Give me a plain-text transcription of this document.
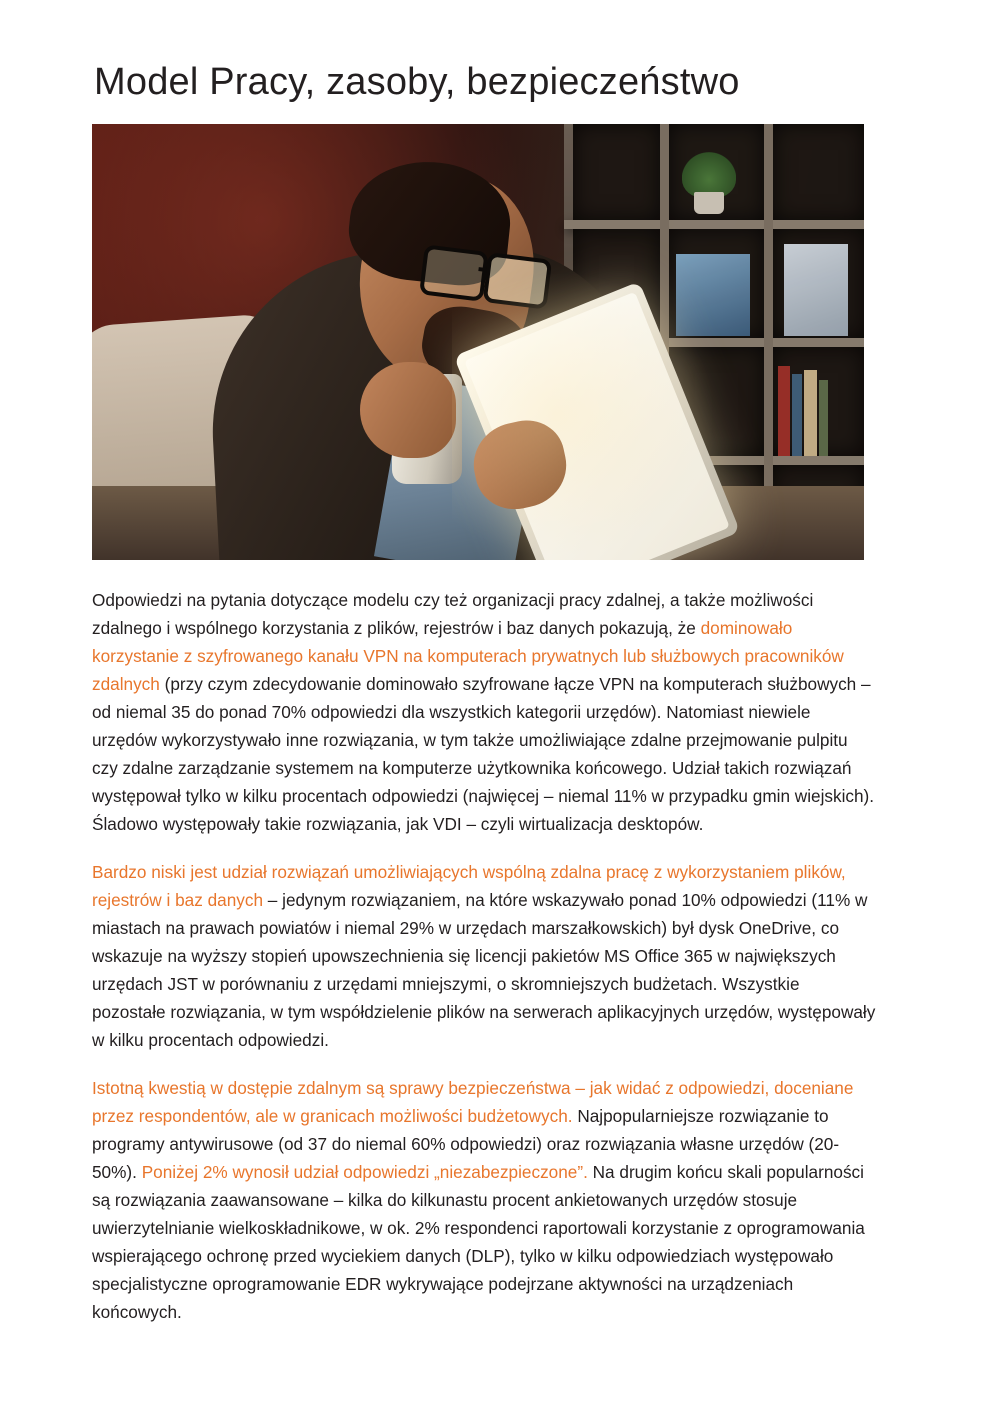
Model Pracy, zasoby, bezpieczeństwo

Odpowiedzi na pytania dotyczące modelu czy też organizacji pracy zdalnej, a także możliwości zdalnego i wspólnego korzystania z plików, rejestrów i baz danych pokazują, że dominowało korzystanie z szyfrowanego kanału VPN na komputerach prywatnych lub służbowych pracowników zdalnych (przy czym zdecydowanie dominowało szyfrowane łącze VPN na komputerach służbowych – od niemal 35 do ponad 70% odpowiedzi dla wszystkich kategorii urzędów). Natomiast niewiele urzędów wykorzystywało inne rozwiązania, w tym także umożliwiające zdalne przejmowanie pulpitu czy zdalne zarządzanie systemem na komputerze użytkownika końcowego. Udział takich rozwiązań występował tylko w kilku procentach odpowiedzi (najwięcej – niemal 11% w przypadku gmin wiejskich). Śladowo występowały takie rozwiązania, jak VDI – czyli wirtualizacja desktopów.

Bardzo niski jest udział rozwiązań umożliwiających wspólną zdalna pracę z wykorzystaniem plików, rejestrów i baz danych – jedynym rozwiązaniem, na które wskazywało ponad 10% odpowiedzi (11% w miastach na prawach powiatów i niemal 29% w urzędach marszałkowskich) był dysk OneDrive, co wskazuje na wyższy stopień upowszechnienia się licencji pakietów MS Office 365 w największych urzędach JST w porównaniu z urzędami mniejszymi, o skromniejszych budżetach. Wszystkie pozostałe rozwiązania, w tym współdzielenie plików na serwerach aplikacyjnych urzędów, występowały w kilku procentach odpowiedzi.

Istotną kwestią w dostępie zdalnym są sprawy bezpieczeństwa – jak widać z odpowiedzi, doceniane przez respondentów, ale w granicach możliwości budżetowych. Najpopularniejsze rozwiązanie to programy antywirusowe (od 37 do niemal 60% odpowiedzi) oraz rozwiązania własne urzędów (20-50%). Poniżej 2% wynosił udział odpowiedzi „niezabezpieczone”. Na drugim końcu skali popularności są rozwiązania zaawansowane – kilka do kilkunastu procent ankietowanych urzędów stosuje uwierzytelnianie wielkoskładnikowe, w ok. 2% respondenci raportowali korzystanie z oprogramowania wspierającego ochronę przed wyciekiem danych (DLP), tylko w kilku odpowiedziach występowało specjalistyczne oprogramowanie EDR wykrywające podejrzane aktywności na urządzeniach końcowych.
